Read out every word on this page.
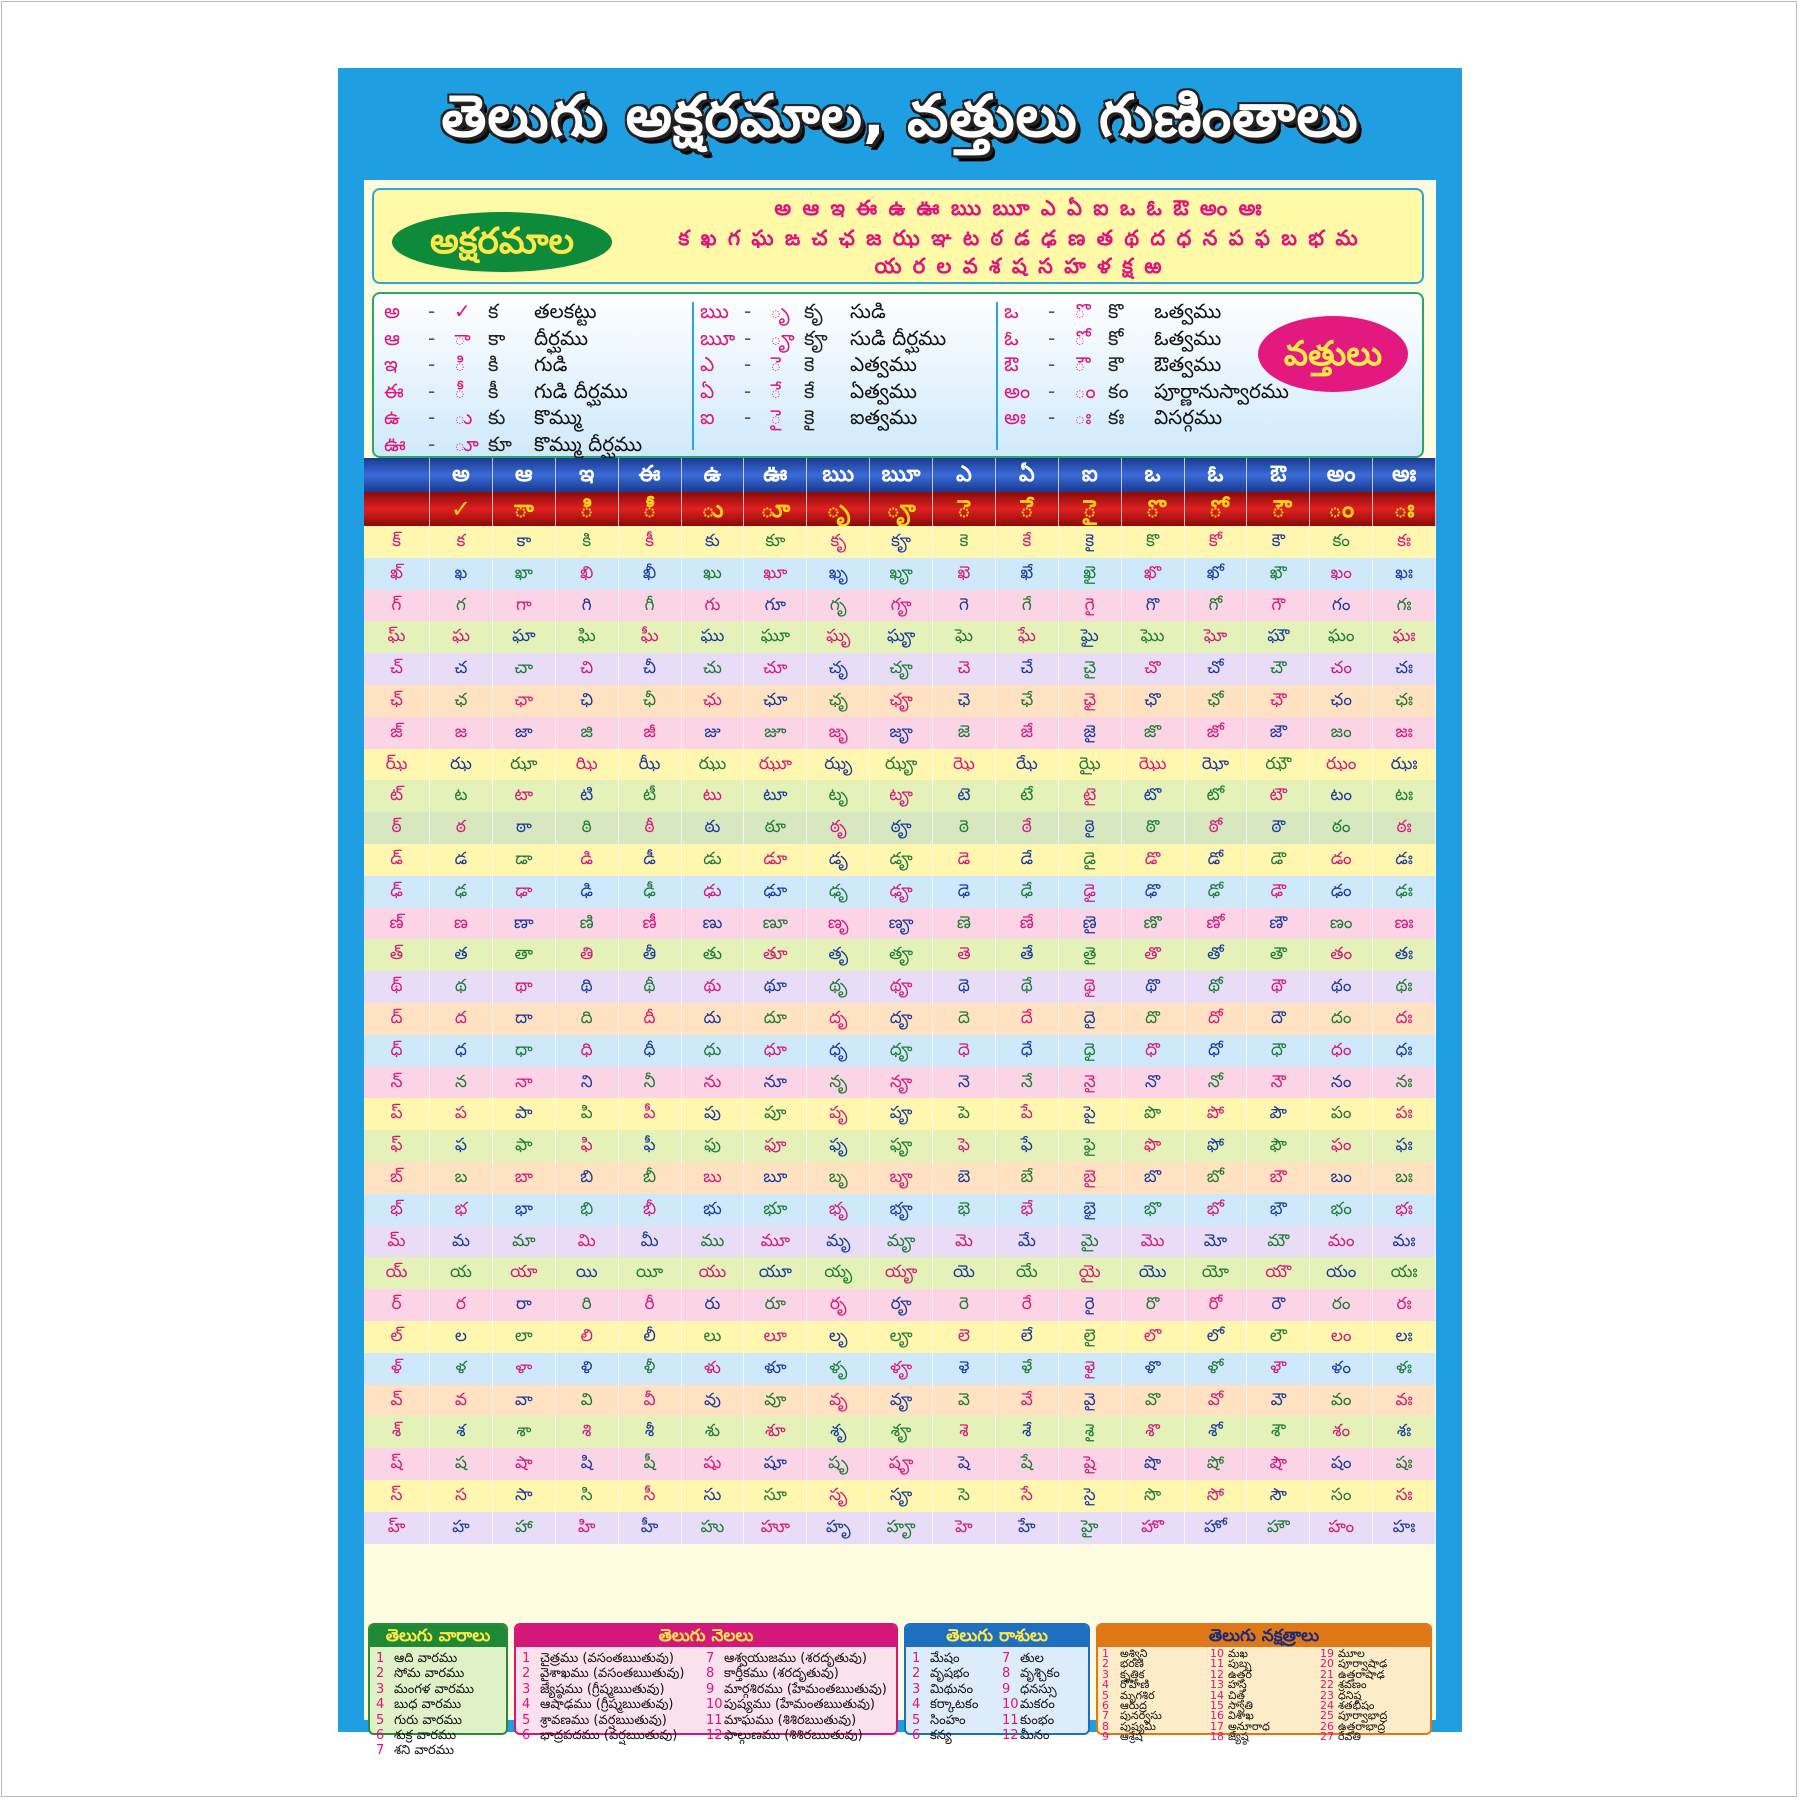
తెలుగు అక్షరమాల, వత్తులు గుణింతాలు
అక్షరమాల
అ ఆ ఇ ఈ ఉ ఊ ఋ ౠ ఎ ఏ ఐ ఒ ఓ ఔ అం అః
క ఖ గ ఘ ఙ చ ఛ జ ఝ ఞ ట ఠ డ ఢ ణ త థ ద ధ న ప ఫ బ భ మ
య ర ల వ శ ష స హ ళ క్ష ఱ
అ - ✓ క తలకట్టు
ఆ - ా కా దీర్ఘము
ఇ - ి కి గుడి
ఈ - ీ కీ గుడి దీర్ఘము
ఉ - ు కు కొమ్ము
ఊ - ూ కూ కొమ్ము దీర్ఘము
ఋ - ృ కృ సుడి
ౠ - ౄ కౄ సుడి దీర్ఘము
ఎ - ె కె ఎత్వము
ఏ - ే కే ఏత్వము
ఐ - ై కై ఐత్వము
ఒ - ొ కొ ఒత్వము
ఓ - ో కో ఓత్వము
ఔ - ౌ కౌ ఔత్వము
అం - ం కం పూర్ణానుస్వారము
అః - ః కః విసర్గము
వత్తులు
అ	ఆ	ఇ	ఈ	ఉ	ఊ	ఋ	ౠ	ఎ	ఏ	ఐ	ఒ	ఓ	ఔ	అం	అః
✓	ా	ి	ీ	ు	ూ	ృ	ౄ	ె	ే	ై	ొ	ో	ౌ	ం	ః
క్	క	కా	కి	కీ	కు	కూ	కృ	కౄ	కె	కే	కై	కొ	కో	కౌ	కం	కః
ఖ్	ఖ	ఖా	ఖి	ఖీ	ఖు	ఖూ	ఖృ	ఖౄ	ఖె	ఖే	ఖై	ఖొ	ఖో	ఖౌ	ఖం	ఖః
గ్	గ	గా	గి	గీ	గు	గూ	గృ	గౄ	గె	గే	గై	గొ	గో	గౌ	గం	గః
ఘ్	ఘ	ఘా	ఘి	ఘీ	ఘు	ఘూ	ఘృ	ఘౄ	ఘె	ఘే	ఘై	ఘొ	ఘో	ఘౌ	ఘం	ఘః
చ్	చ	చా	చి	చీ	చు	చూ	చృ	చౄ	చె	చే	చై	చొ	చో	చౌ	చం	చః
ఛ్	ఛ	ఛా	ఛి	ఛీ	ఛు	ఛూ	ఛృ	ఛౄ	ఛె	ఛే	ఛై	ఛొ	ఛో	ఛౌ	ఛం	ఛః
జ్	జ	జా	జి	జీ	జు	జూ	జృ	జౄ	జె	జే	జై	జొ	జో	జౌ	జం	జః
ఝ్	ఝ	ఝా	ఝి	ఝీ	ఝు	ఝూ	ఝృ	ఝౄ	ఝె	ఝే	ఝై	ఝొ	ఝో	ఝౌ	ఝం	ఝః
ట్	ట	టా	టి	టీ	టు	టూ	టృ	టౄ	టె	టే	టై	టొ	టో	టౌ	టం	టః
ఠ్	ఠ	ఠా	ఠి	ఠీ	ఠు	ఠూ	ఠృ	ఠౄ	ఠె	ఠే	ఠై	ఠొ	ఠో	ఠౌ	ఠం	ఠః
డ్	డ	డా	డి	డీ	డు	డూ	డృ	డౄ	డె	డే	డై	డొ	డో	డౌ	డం	డః
ఢ్	ఢ	ఢా	ఢి	ఢీ	ఢు	ఢూ	ఢృ	ఢౄ	ఢె	ఢే	ఢై	ఢొ	ఢో	ఢౌ	ఢం	ఢః
ణ్	ణ	ణా	ణి	ణీ	ణు	ణూ	ణృ	ణౄ	ణె	ణే	ణై	ణొ	ణో	ణౌ	ణం	ణః
త్	త	తా	తి	తీ	తు	తూ	తృ	తౄ	తె	తే	తై	తొ	తో	తౌ	తం	తః
థ్	థ	థా	థి	థీ	థు	థూ	థృ	థౄ	థె	థే	థై	థొ	థో	థౌ	థం	థః
ద్	ద	దా	ది	దీ	దు	దూ	దృ	దౄ	దె	దే	దై	దొ	దో	దౌ	దం	దః
ధ్	ధ	ధా	ధి	ధీ	ధు	ధూ	ధృ	ధౄ	ధె	ధే	ధై	ధొ	ధో	ధౌ	ధం	ధః
న్	న	నా	ని	నీ	ను	నూ	నృ	నౄ	నె	నే	నై	నొ	నో	నౌ	నం	నః
ప్	ప	పా	పి	పీ	పు	పూ	పృ	పౄ	పె	పే	పై	పొ	పో	పౌ	పం	పః
ఫ్	ఫ	ఫా	ఫి	ఫీ	ఫు	ఫూ	ఫృ	ఫౄ	ఫె	ఫే	ఫై	ఫొ	ఫో	ఫౌ	ఫం	ఫః
బ్	బ	బా	బి	బీ	బు	బూ	బృ	బౄ	బె	బే	బై	బొ	బో	బౌ	బం	బః
భ్	భ	భా	భి	భీ	భు	భూ	భృ	భౄ	భె	భే	భై	భొ	భో	భౌ	భం	భః
మ్	మ	మా	మి	మీ	ము	మూ	మృ	మౄ	మె	మే	మై	మొ	మో	మౌ	మం	మః
య్	య	యా	యి	యీ	యు	యూ	యృ	యౄ	యె	యే	యై	యొ	యో	యౌ	యం	యః
ర్	ర	రా	రి	రీ	రు	రూ	రృ	రౄ	రె	రే	రై	రొ	రో	రౌ	రం	రః
ల్	ల	లా	లి	లీ	లు	లూ	లృ	లౄ	లె	లే	లై	లొ	లో	లౌ	లం	లః
ళ్	ళ	ళా	ళి	ళీ	ళు	ళూ	ళృ	ళౄ	ళె	ళే	ళై	ళొ	ళో	ళౌ	ళం	ళః
వ్	వ	వా	వి	వీ	వు	వూ	వృ	వౄ	వె	వే	వై	వొ	వో	వౌ	వం	వః
శ్	శ	శా	శి	శీ	శు	శూ	శృ	శౄ	శె	శే	శై	శొ	శో	శౌ	శం	శః
ష్	ష	షా	షి	షీ	షు	షూ	షృ	షౄ	షె	షే	షై	షొ	షో	షౌ	షం	షః
స్	స	సా	సి	సీ	సు	సూ	సృ	సౄ	సె	సే	సై	సొ	సో	సౌ	సం	సః
హ్	హ	హా	హి	హీ	హు	హూ	హృ	హౄ	హె	హే	హై	హొ	హో	హౌ	హం	హః
తెలుగు వారాలు
1 ఆది వారము
2 సోమ వారము
3 మంగళ వారము
4 బుధ వారము
5 గురు వారము
6 శుక్ర వారము
7 శని వారము
తెలుగు నెలలు
1 చైత్రము (వసంతఋతువు)
2 వైశాఖము (వసంతఋతువు)
3 జ్యేష్ఠము (గ్రీష్మఋతువు)
4 ఆషాఢము (గ్రీష్మఋతువు)
5 శ్రావణము (వర్షఋతువు)
6 భాద్రపదము (వర్షఋతువు)
7 ఆశ్వయుజము (శరదృతువు)
8 కార్తీకము (శరదృతువు)
9 మార్గశిరము (హేమంతఋతువు)
10పుష్యము (హేమంతఋతువు)
11మాఘము (శిశిరఋతువు)
12ఫాల్గుణము (శిశిరఋతువు)
తెలుగు రాశులు
1 మేషం
2 వృషభం
3 మిథునం
4 కర్కాటకం
5 సింహం
6 కన్య
7 తుల
8 వృశ్చికం
9 ధనస్సు
10మకరం
11కుంభం
12మీనం
తెలుగు నక్షత్రాలు
1 అశ్విని
2 భరణి
3 కృత్తిక
4 రోహిణి
5 మృగశిర
6 ఆరుద్ర
7 పునర్వసు
8 పుష్యమి
9 ఆశ్రేష
10 మఖ
11 పుబ్బ
12 ఉత్తర
13 హస్త
14 చిత్త
15 స్వాతి
16 విశాఖ
17 అనూరాధ
18 జ్యేష్ఠ
19 మూల
20 పూర్వాషాఢ
21 ఉత్తరాషాఢ
22 శ్రవణం
23 ధనిష్ఠ
24 శతభిషం
25 పూర్వాభాద్ర
26 ఉత్తరాభాద్ర
27 రేవతి
